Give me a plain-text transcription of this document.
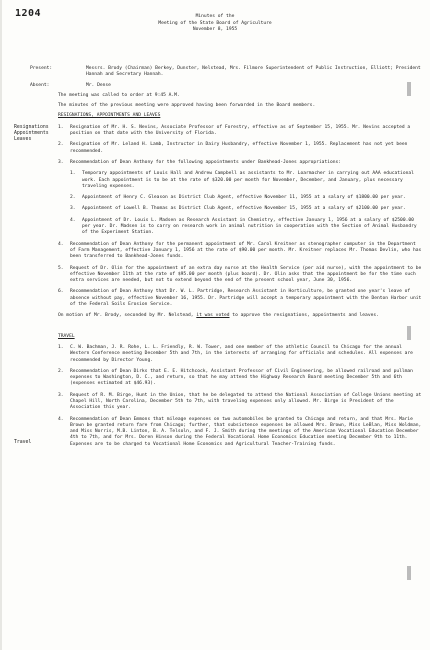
1204	Minutes of the
Meeting of the State Board of Agriculture
November 8, 1955
Resignations
Appointments
Leaves
Travel

Present:	Messrs. Brody (Chairman) Berkey, Dunster, Nelstead, Mrs. Filmore Superintendent of Public Instruction, Elliott; President Hannah and Secretary Hannah.

Absent:	Mr. Dense

The meeting was called to order at 9:45 A.M.

The minutes of the previous meeting were approved having been forwarded in the Board members.

RESIGNATIONS, APPOINTMENTS AND LEAVES
1. Resignation of Mr. H. S. Nevins, Associate Professor of Forestry, effective as of September 15, 1955. Mr. Nevins accepted a position on that date with the University of Florida.
2. Resignation of Mr. Leland H. Lamb, Instructor in Dairy Husbandry, effective November 1, 1955. Replacement has not yet been recommended.
3. Recommendation of Dean Anthony for the following appointments under Bankhead-Jones appropriations:
1. Temporary appointments of Louis Hall and Andrew Campbell as assistants to Mr. Loarmacher in carrying out AAA educational work. Each appointment is to be at the rate of $320.00 per month for November, December, and January, plus necessary traveling expenses.
2. Appointment of Henry C. Gleason as District Club Agent, effective November 11, 1955 at a salary of $1800.00 per year.
3. Appointment of Lowell B. Thomas as District Club Agent, effective November 15, 1955 at a salary of $2100.00 per year.
4. Appointment of Dr. Louis L. Madsen as Research Assistant in Chemistry, effective January 1, 1956 at a salary of $2500.00 per year. Dr. Madsen is to carry on research work in animal nutrition in cooperation with the Section of Animal Husbandry of the Experiment Station.
4. Recommendation of Dean Anthony for the permanent appointment of Mr. Carol Kreitner as stenographer computer in the Department of Farm Management, effective January 1, 1956 at the rate of $90.00 per month. Mr. Kreitner replaces Mr. Thomas Devlin, who has been transferred to Bankhead-Jones funds.
5. Request of Dr. Olin for the appointment of an extra day nurse at the Health Service (per aid nurse), with the appointment to be effective November 11th at the rate of $95.00 per month (plus board). Dr. Olin asks that the appointment be for the time such extra services are needed, but not to extend beyond the end of the present school year, June 30, 1956.
6. Recommendation of Dean Anthony that Dr. W. L. Partridge, Research Assistant in Horticulture, be granted one year's leave of absence without pay, effective November 16, 1955. Dr. Partridge will accept a temporary appointment with the Denton Harbor unit of the Federal Soils Erosion Service.

On motion of Mr. Brody, seconded by Mr. Nelstead, it was voted to approve the resignations, appointments and leaves.

TRAVEL
1. C. W. Bachman, J. R. Rohe, L. L. Friendly, R. W. Tower, and one member of the athletic Council to Chicago for the annual Western Conference meeting December 5th and 7th, in the interests of arranging for officials and schedules. All expenses are recommended by Director Young.
2. Recommendation of Dean Dirks that E. E. Hitchcock, Assistant Professor of Civil Engineering, be allowed railroad and pullman expenses to Washington, D. C., and return, so that he may attend the Highway Research Board meeting December 5th and 6th (expenses estimated at $46.93).
3. Request of R. M. Birge, Hunt in the Union, that he be delegated to attend the National Association of College Unions meeting at Chapel Hill, North Carolina, December 5th to 7th, with traveling expenses only allowed. Mr. Birge is President of the Association this year.
4. Recommendation of Dean Emmons that mileage expenses on two automobiles be granted to Chicago and return, and that Mrs. Marie Brown be granted return fare from Chicago; further, that subsistence expenses be allowed Mrs. Brown, Miss LeBlan, Miss Woldman, and Miss Norris, M.B. Linton, B. A. Telsoln, and F. J. Smith during the meetings of the American Vocational Education December 4th to 7th, and for Mrs. Doren Hinson during the Federal Vocational Home Economics Education meeting December 9th to 11th. Expenses are to be charged to Vocational Home Economics and Agricultural Teacher-Training funds.
